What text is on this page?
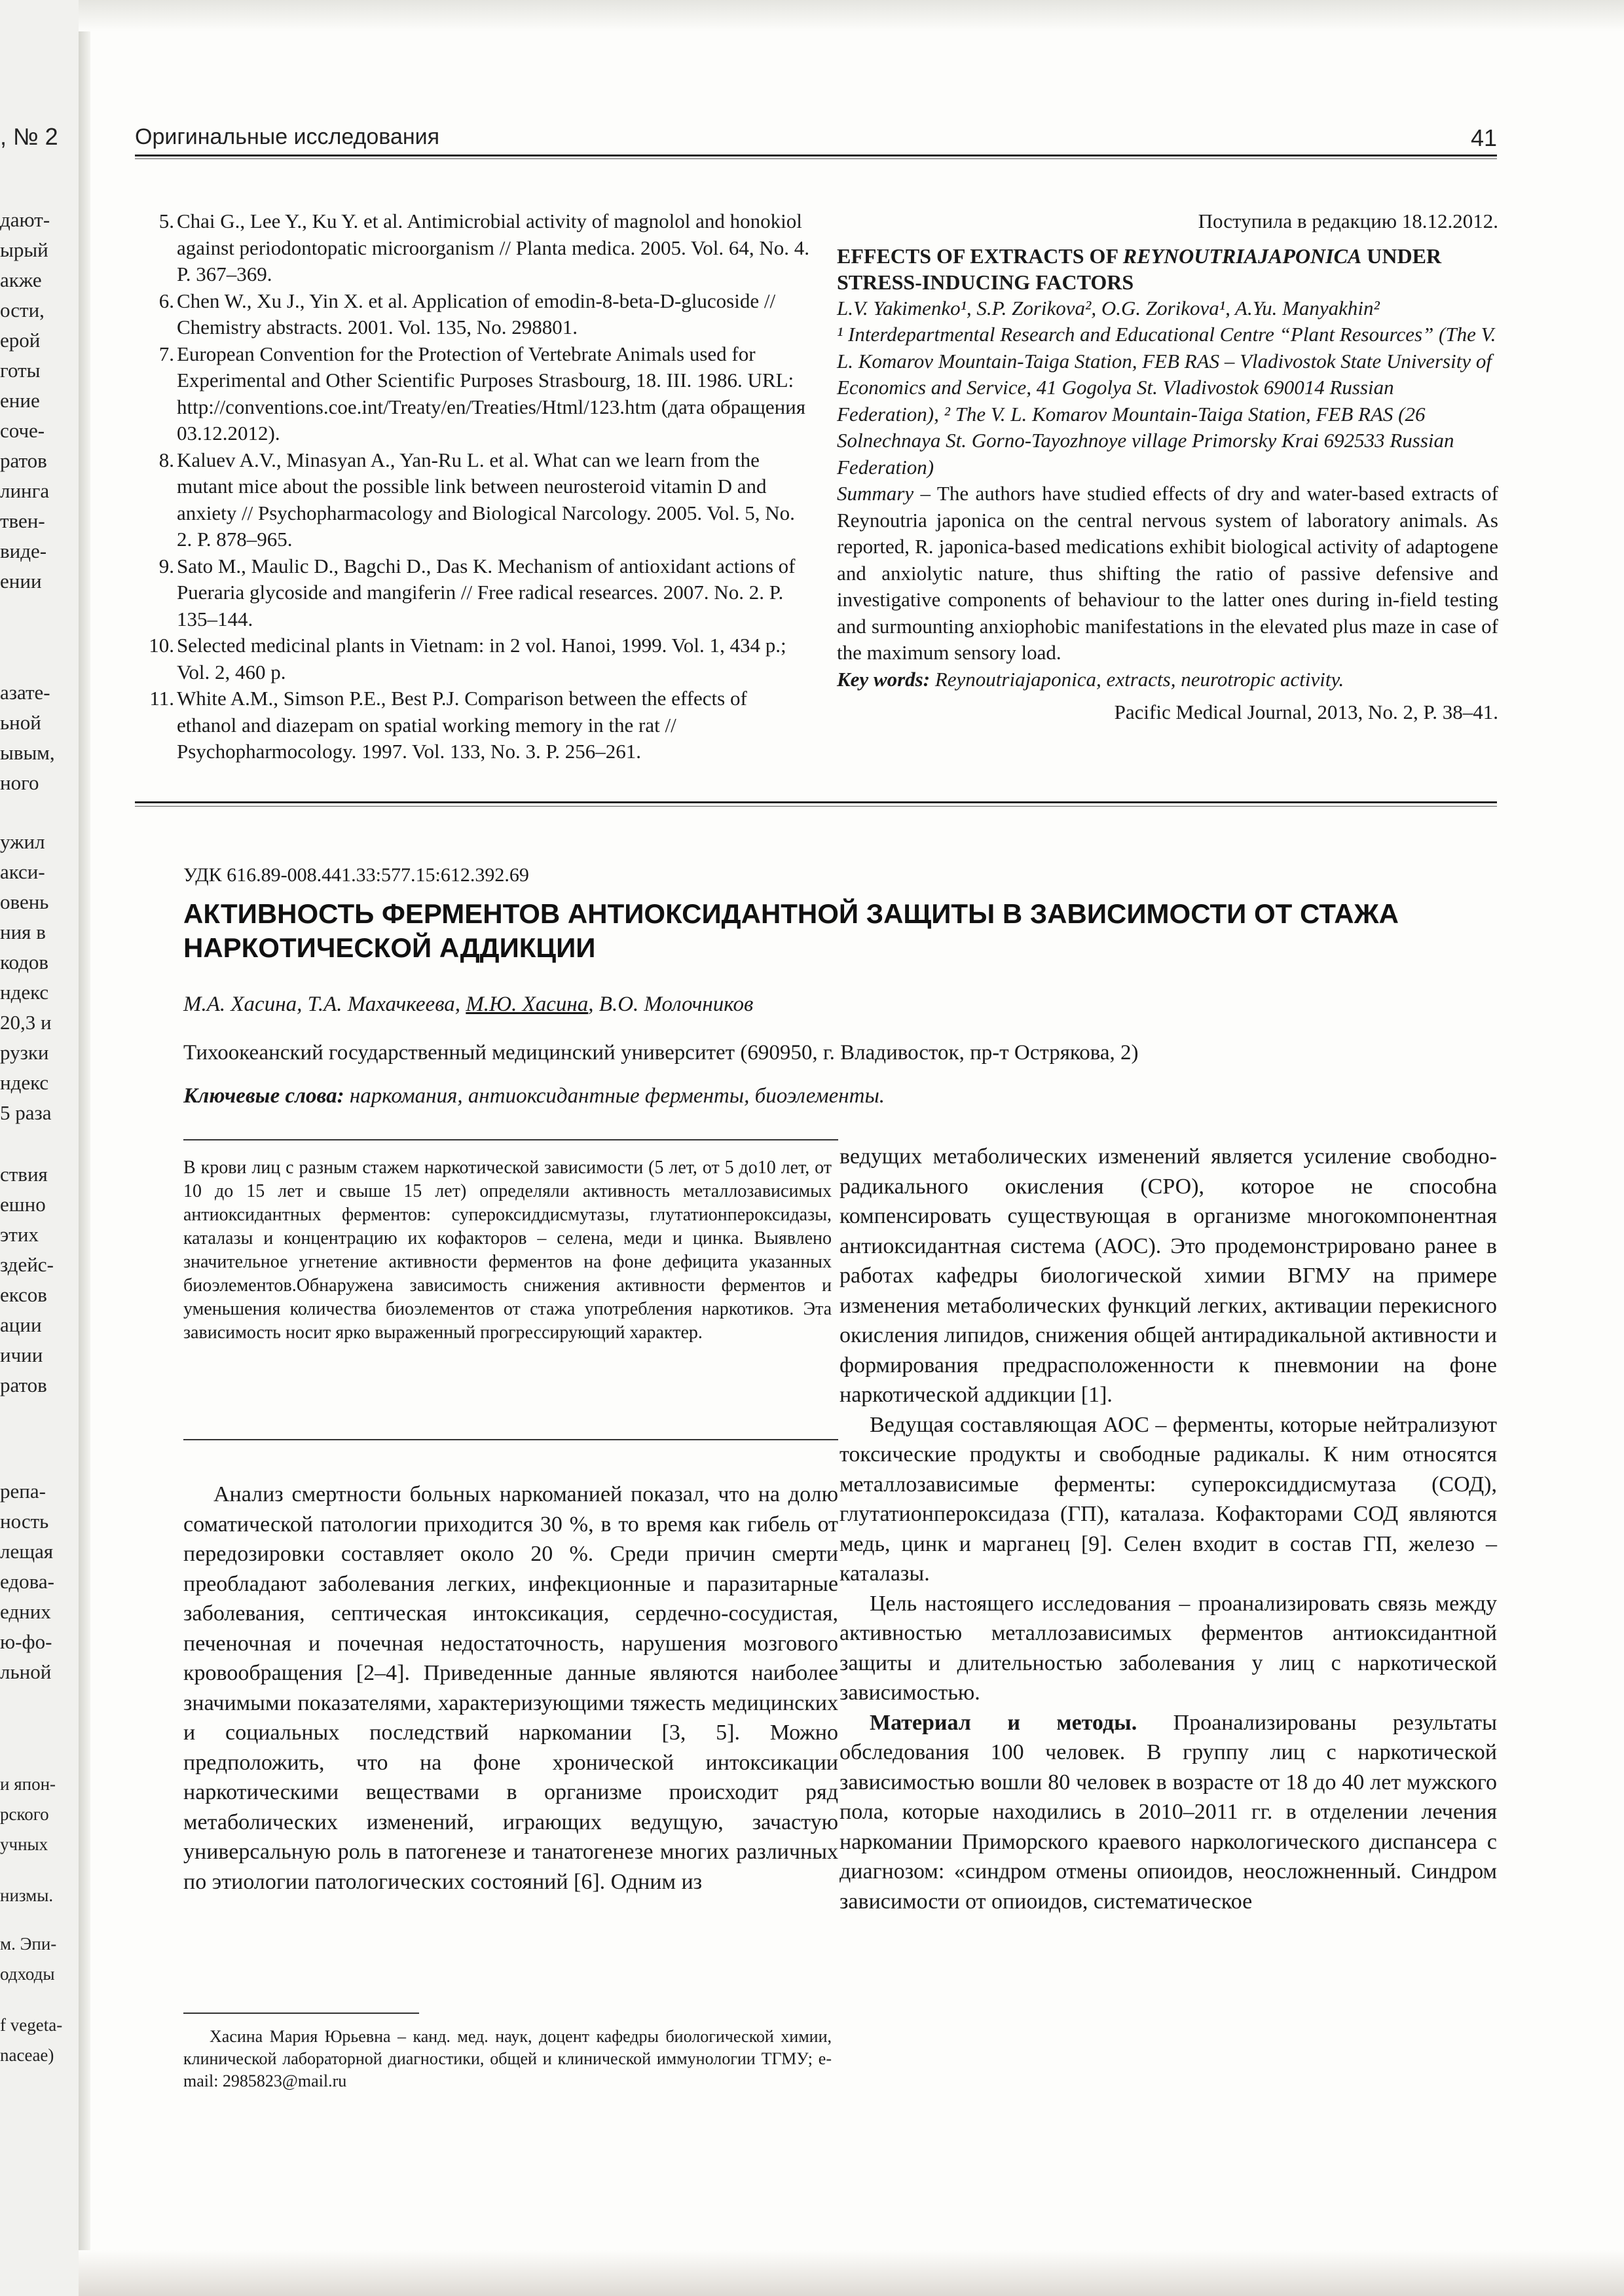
, № 2
дают-
ырый
акже
ости,
ерой
готы
ение
соче-
ратов
линга
твен-
виде-
ении
азате-
ьной
ывым,
ного
ужил
акси-
овень
ния в
кодов
ндекс
20,3 и
рузки
ндекс
5 раза
ствия
ешно
этих
здейс-
ексов
ации
ичии
ратов
репа-
ность
лещая
едова-
едних
ю-фо-
льной
и япон-
рского
учных
низмы.
м. Эпи-
одходы
f vegeta-
naceae)
Оригинальные исследования	41
5. Chai G., Lee Y., Ku Y. et al. Antimicrobial activity of magnolol and honokiol against periodontopatic microorganism // Planta medica. 2005. Vol. 64, No. 4. P. 367–369.
6. Chen W., Xu J., Yin X. et al. Application of emodin-8-beta-D-glucoside // Chemistry abstracts. 2001. Vol. 135, No. 298801.
7. European Convention for the Protection of Vertebrate Animals used for Experimental and Other Scientific Purposes Strasbourg, 18. III. 1986. URL: http://conventions.coe.int/Treaty/en/Treaties/Html/123.htm (дата обращения 03.12.2012).
8. Kaluev A.V., Minasyan A., Yan-Ru L. et al. What can we learn from the mutant mice about the possible link between neurosteroid vitamin D and anxiety // Psychopharmacology and Biological Narcology. 2005. Vol. 5, No. 2. P. 878–965.
9. Sato M., Maulic D., Bagchi D., Das K. Mechanism of antioxidant actions of Pueraria glycoside and mangiferin // Free radical researces. 2007. No. 2. P. 135–144.
10. Selected medicinal plants in Vietnam: in 2 vol. Hanoi, 1999. Vol. 1, 434 p.; Vol. 2, 460 p.
11. White A.M., Simson P.E., Best P.J. Comparison between the effects of ethanol and diazepam on spatial working memory in the rat // Psychopharmocology. 1997. Vol. 133, No. 3. P. 256–261.
Поступила в редакцию 18.12.2012.
EFFECTS OF EXTRACTS OF REYNOUTRIAJAPONICA UNDER STRESS-INDUCING FACTORS
L.V. Yakimenko¹, S.P. Zorikova², O.G. Zorikova¹, A.Yu. Manyakhin²
¹ Interdepartmental Research and Educational Centre “Plant Resources” (The V. L. Komarov Mountain-Taiga Station, FEB RAS – Vladivostok State University of Economics and Service, 41 Gogolya St. Vladivostok 690014 Russian Federation), ² The V. L. Komarov Mountain-Taiga Station, FEB RAS (26 Solnechnaya St. Gorno-Tayozhnoye village Primorsky Krai 692533 Russian Federation)
Summary – The authors have studied effects of dry and water-based extracts of Reynoutria japonica on the central nervous system of laboratory animals. As reported, R. japonica-based medications exhibit biological activity of adaptogene and anxiolytic nature, thus shifting the ratio of passive defensive and investigative components of behaviour to the latter ones during in-field testing and surmounting anxiophobic manifestations in the elevated plus maze in case of the maximum sensory load.
Key words: Reynoutriajaponica, extracts, neurotropic activity.
Pacific Medical Journal, 2013, No. 2, P. 38–41.
УДК 616.89-008.441.33:577.15:612.392.69
АКТИВНОСТЬ ФЕРМЕНТОВ АНТИОКСИДАНТНОЙ ЗАЩИТЫ В ЗАВИСИМОСТИ ОТ СТАЖА НАРКОТИЧЕСКОЙ АДДИКЦИИ
М.А. Хасина, Т.А. Махачкеева, М.Ю. Хасина, В.О. Молочников
Тихоокеанский государственный медицинский университет (690950, г. Владивосток, пр-т Острякова, 2)
Ключевые слова: наркомания, антиоксидантные ферменты, биоэлементы.
В крови лиц с разным стажем наркотической зависимости (5 лет, от 5 до10 лет, от 10 до 15 лет и свыше 15 лет) определяли активность металлозависимых антиоксидантных ферментов: супероксиддисмутазы, глутатионпероксидазы, каталазы и концентрацию их кофакторов – селена, меди и цинка. Выявлено значительное угнетение активности ферментов на фоне дефицита указанных биоэлементов.Обнаружена зависимость снижения активности ферментов и уменьшения количества биоэлементов от стажа употребления наркотиков. Эта зависимость носит ярко выраженный прогрессирующий характер.

Анализ смертности больных наркоманией показал, что на долю соматической патологии приходится 30 %, в то время как гибель от передозировки составляет около 20 %. Среди причин смерти преобладают заболевания легких, инфекционные и паразитарные заболевания, септическая интоксикация, сердечно-сосудистая, печеночная и почечная недостаточность, нарушения мозгового кровообращения [2–4]. Приведенные данные являются наиболее значимыми показателями, характеризующими тяжесть медицинских и социальных последствий наркомании [3, 5]. Можно предположить, что на фоне хронической интоксикации наркотическими веществами в организме происходит ряд метаболических изменений, играющих ведущую, зачастую универсальную роль в патогенезе и танатогенезе многих различных по этиологии патологических состояний [6]. Одним из

ведущих метаболических изменений является усиление свободно-радикального окисления (СРО), которое не способна компенсировать существующая в организме многокомпонентная антиоксидантная система (АОС). Это продемонстрировано ранее в работах кафедры биологической химии ВГМУ на примере изменения метаболических функций легких, активации перекисного окисления липидов, снижения общей антирадикальной активности и формирования предрасположенности к пневмонии на фоне наркотической аддикции [1].

Ведущая составляющая АОС – ферменты, которые нейтрализуют токсические продукты и свободные радикалы. К ним относятся металлозависимые ферменты: супероксиддисмутаза (СОД), глутатионпероксидаза (ГП), каталаза. Кофакторами СОД являются медь, цинк и марганец [9]. Селен входит в состав ГП, железо – каталазы.

Цель настоящего исследования – проанализировать связь между активностью металлозависимых ферментов антиоксидантной защиты и длительностью заболевания у лиц с наркотической зависимостью.

Материал и методы. Проанализированы результаты обследования 100 человек. В группу лиц с наркотической зависимостью вошли 80 человек в возрасте от 18 до 40 лет мужского пола, которые находились в 2010–2011 гг. в отделении лечения наркомании Приморского краевого наркологического диспансера с диагнозом: «синдром отмены опиоидов, неосложненный. Синдром зависимости от опиоидов, систематическое

Хасина Мария Юрьевна – канд. мед. наук, доцент кафедры биологической химии, клинической лабораторной диагностики, общей и клинической иммунологии ТГМУ; e-mail: 2985823@mail.ru
